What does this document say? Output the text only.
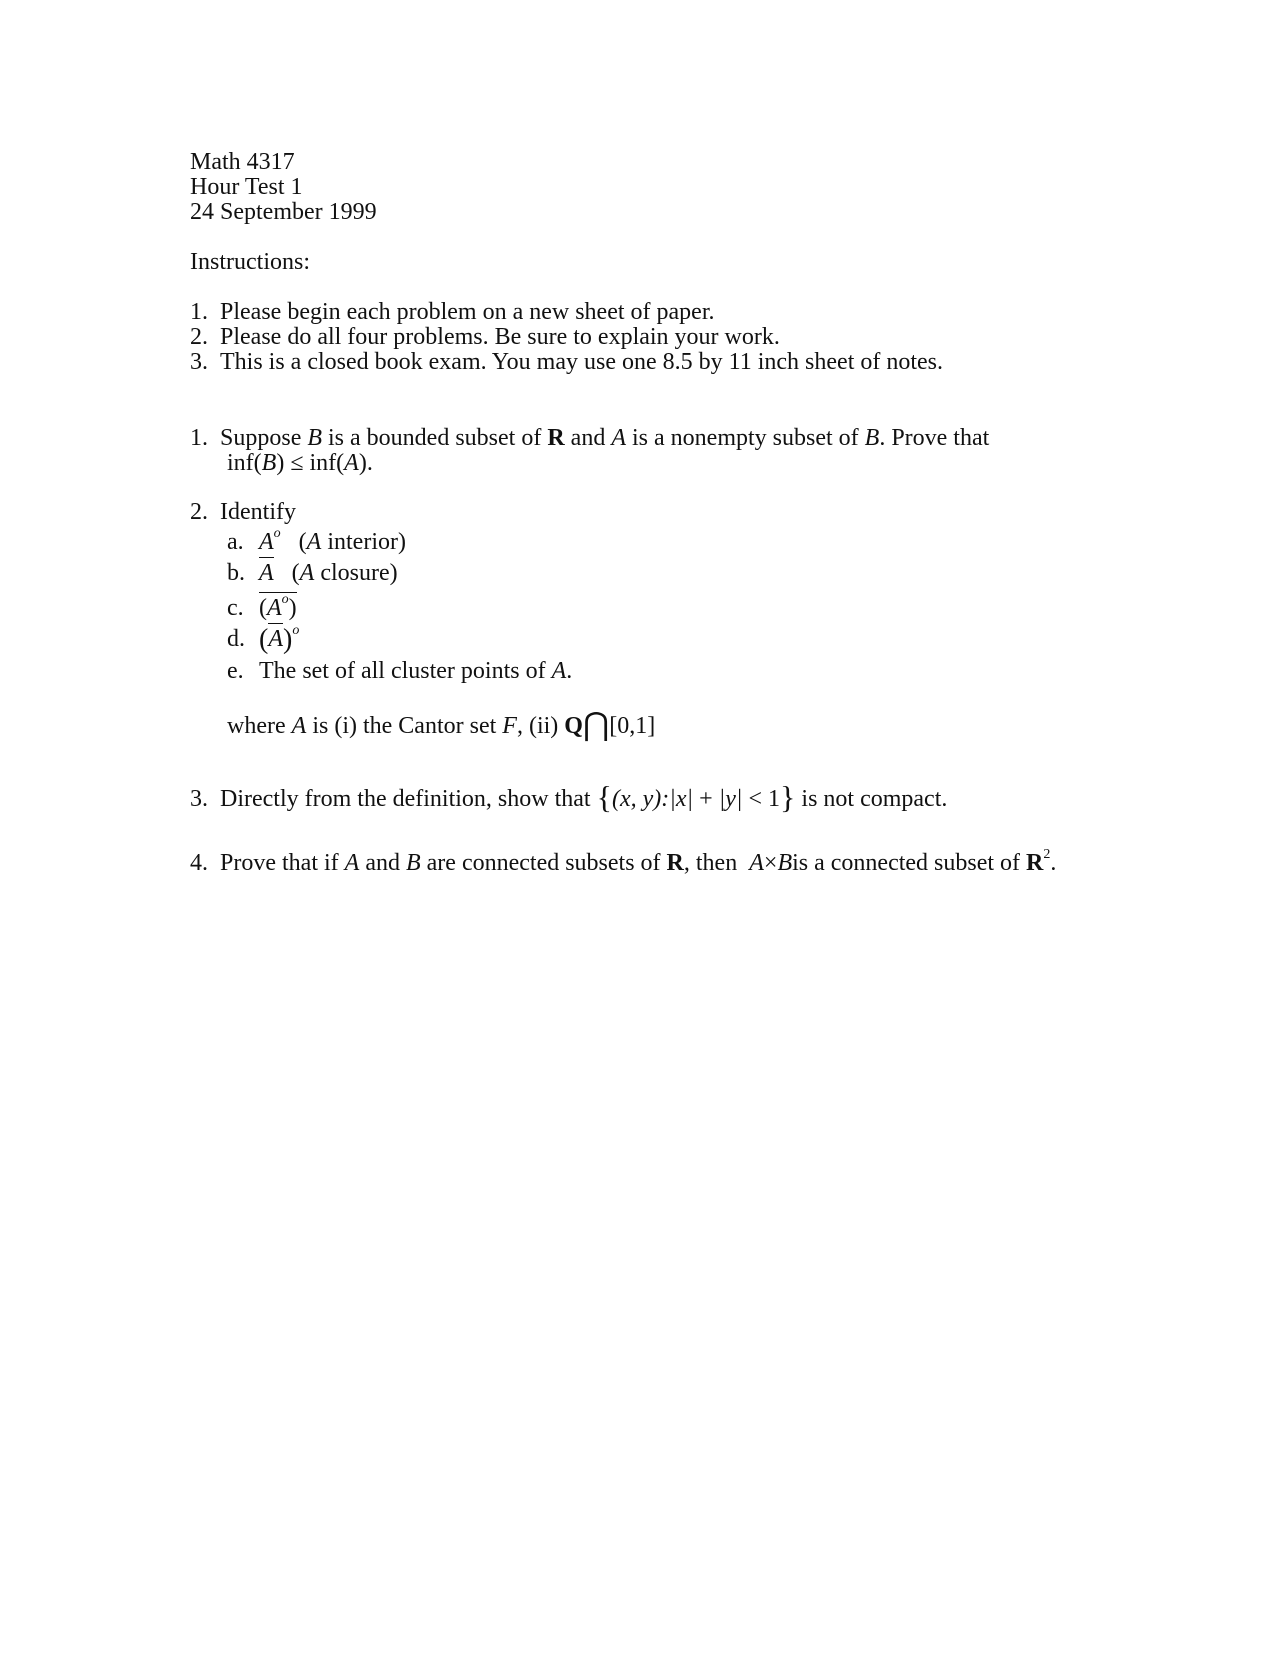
Math 4317
Hour Test 1
24 September 1999
Instructions:
1. Please begin each problem on a new sheet of paper.
2. Please do all four problems. Be sure to explain your work.
3. This is a closed book exam. You may use one 8.5 by 11 inch sheet of notes.
1. Suppose B is a bounded subset of R and A is a nonempty subset of B. Prove that
inf(B) ≤ inf(A).
2. Identify
a. $A^o$ (A interior)
b. A (A closure)
c. $(A^o)$
d. $(A)^o$
e. The set of all cluster points of A.
where A is (i) the Cantor set F, (ii) Q⋂[0,1]
3. Directly from the definition, show that {(x, y):|x| + |y| < 1} is not compact.
4. Prove that if A and B are connected subsets of R, then  A×Bis a connected subset of $R^2$.
